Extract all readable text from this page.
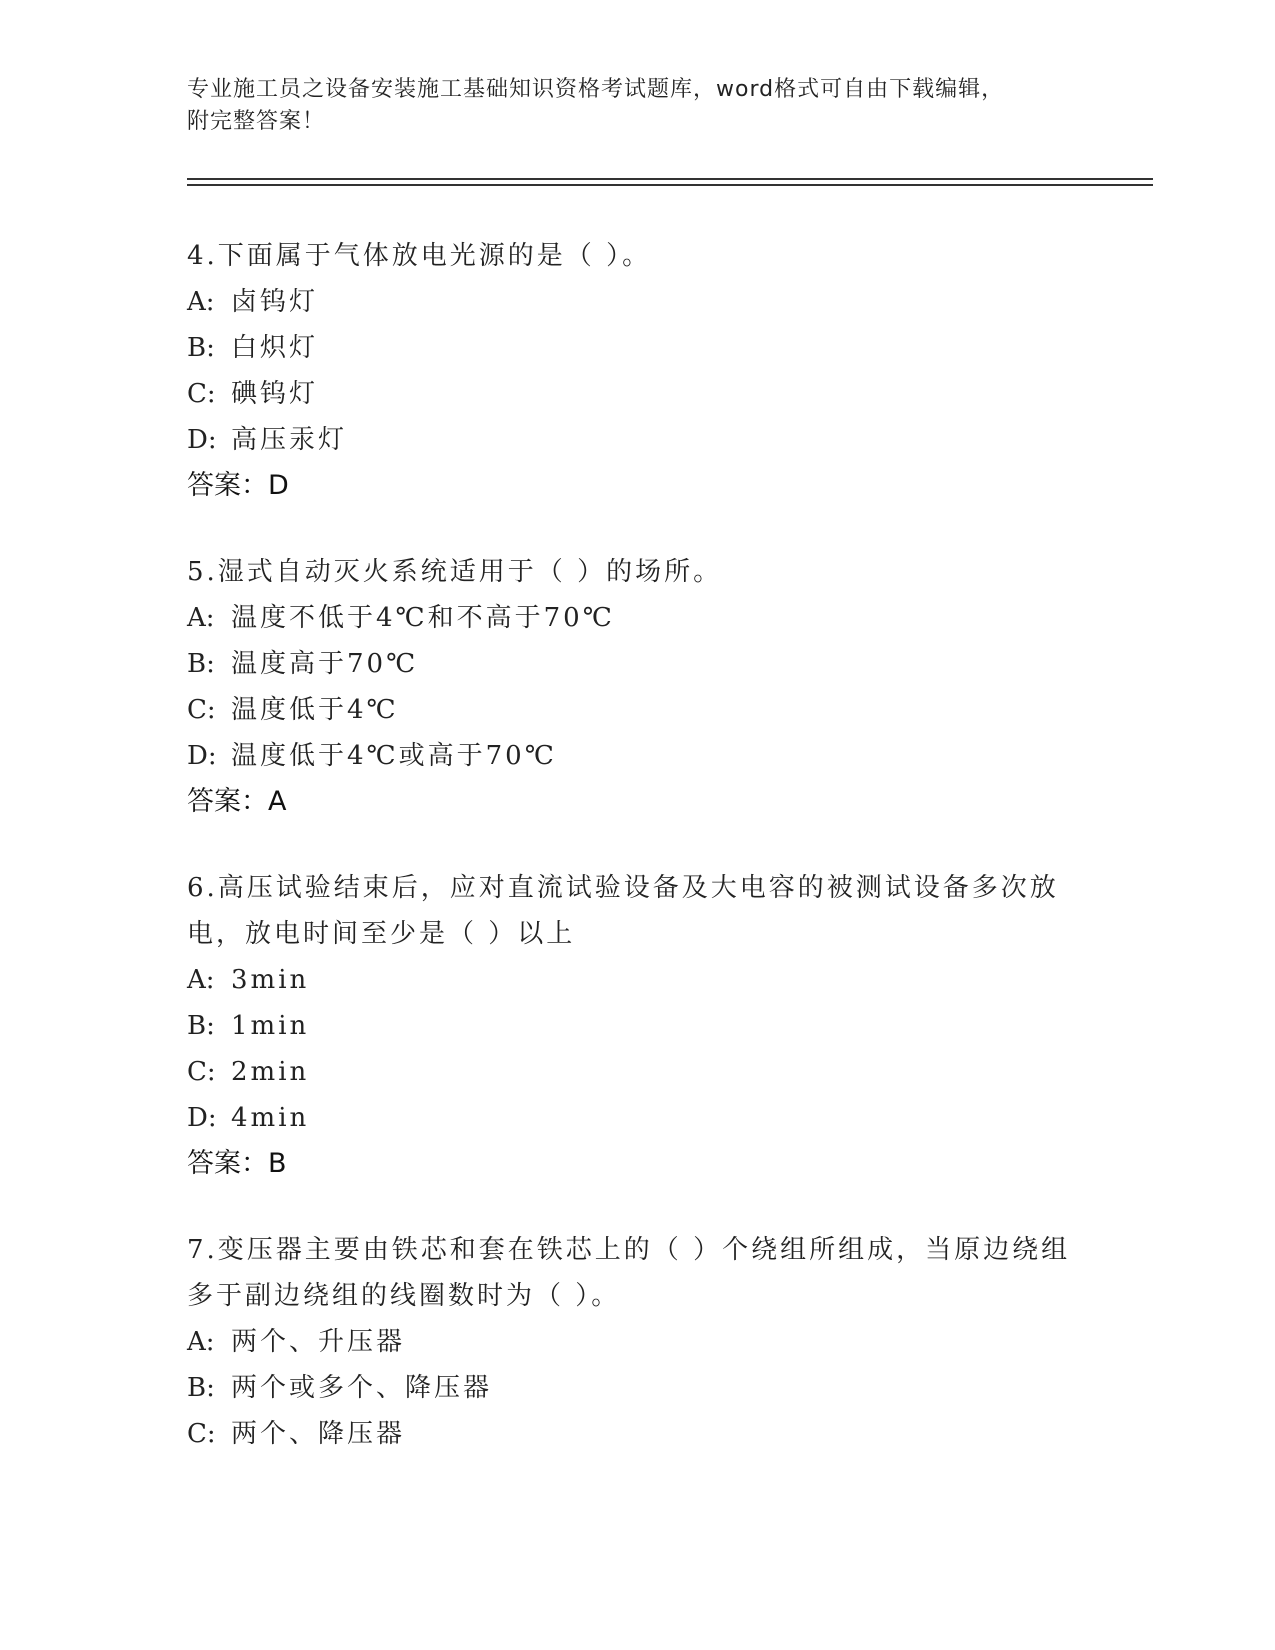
专业施工员之设备安装施工基础知识资格考试题库，word格式可自由下载编辑，
附完整答案！
4.下面属于气体放电光源的是（ ）。
A: 卤钨灯
B: 白炽灯
C: 碘钨灯
D: 高压汞灯
答案：D
5.湿式自动灭火系统适用于（ ）的场所。
A: 温度不低于4℃和不高于70℃
B: 温度高于70℃
C: 温度低于4℃
D: 温度低于4℃或高于70℃
答案：A
6.高压试验结束后，应对直流试验设备及大电容的被测试设备多次放
电，放电时间至少是（ ）以上
A: 3min
B: 1min
C: 2min
D: 4min
答案：B
7.变压器主要由铁芯和套在铁芯上的（ ）个绕组所组成，当原边绕组
多于副边绕组的线圈数时为（ ）。
A: 两个、升压器
B: 两个或多个、降压器
C: 两个、降压器
